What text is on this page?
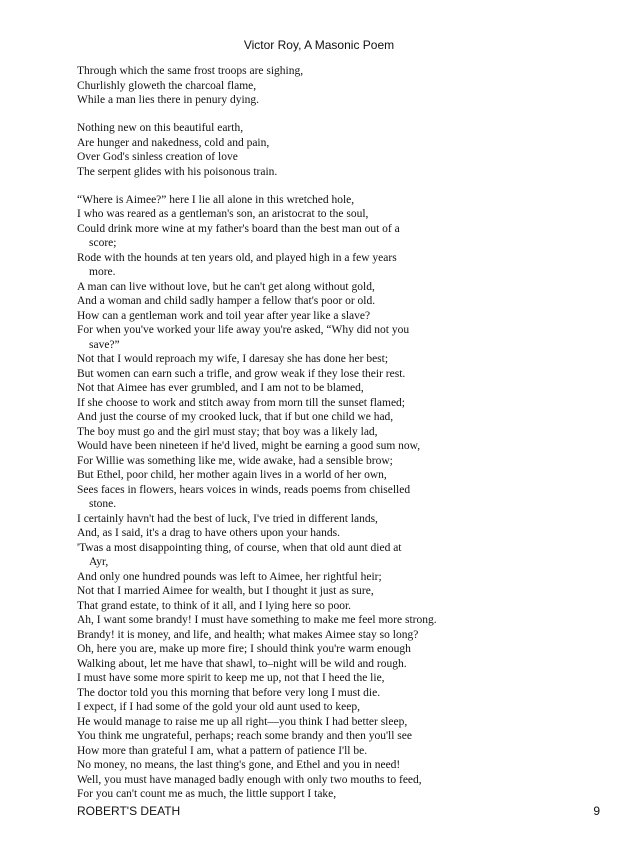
Victor Roy, A Masonic Poem
Through which the same frost troops are sighing,
Churlishly gloweth the charcoal flame,
While a man lies there in penury dying.
Nothing new on this beautiful earth,
Are hunger and nakedness, cold and pain,
Over God's sinless creation of love
The serpent glides with his poisonous train.
“Where is Aimee?” here I lie all alone in this wretched hole,
I who was reared as a gentleman's son, an aristocrat to the soul,
Could drink more wine at my father's board than the best man out of a
score;
Rode with the hounds at ten years old, and played high in a few years
more.
A man can live without love, but he can't get along without gold,
And a woman and child sadly hamper a fellow that's poor or old.
How can a gentleman work and toil year after year like a slave?
For when you've worked your life away you're asked, “Why did not you
save?”
Not that I would reproach my wife, I daresay she has done her best;
But women can earn such a trifle, and grow weak if they lose their rest.
Not that Aimee has ever grumbled, and I am not to be blamed,
If she choose to work and stitch away from morn till the sunset flamed;
And just the course of my crooked luck, that if but one child we had,
The boy must go and the girl must stay; that boy was a likely lad,
Would have been nineteen if he'd lived, might be earning a good sum now,
For Willie was something like me, wide awake, had a sensible brow;
But Ethel, poor child, her mother again lives in a world of her own,
Sees faces in flowers, hears voices in winds, reads poems from chiselled
stone.
I certainly havn't had the best of luck, I've tried in different lands,
And, as I said, it's a drag to have others upon your hands.
'Twas a most disappointing thing, of course, when that old aunt died at
Ayr,
And only one hundred pounds was left to Aimee, her rightful heir;
Not that I married Aimee for wealth, but I thought it just as sure,
That grand estate, to think of it all, and I lying here so poor.
Ah, I want some brandy! I must have something to make me feel more strong.
Brandy! it is money, and life, and health; what makes Aimee stay so long?
Oh, here you are, make up more fire; I should think you're warm enough
Walking about, let me have that shawl, to–night will be wild and rough.
I must have some more spirit to keep me up, not that I heed the lie,
The doctor told you this morning that before very long I must die.
I expect, if I had some of the gold your old aunt used to keep,
He would manage to raise me up all right—you think I had better sleep,
You think me ungrateful, perhaps; reach some brandy and then you'll see
How more than grateful I am, what a pattern of patience I'll be.
No money, no means, the last thing's gone, and Ethel and you in need!
Well, you must have managed badly enough with only two mouths to feed,
For you can't count me as much, the little support I take,
ROBERT'S DEATH	9
